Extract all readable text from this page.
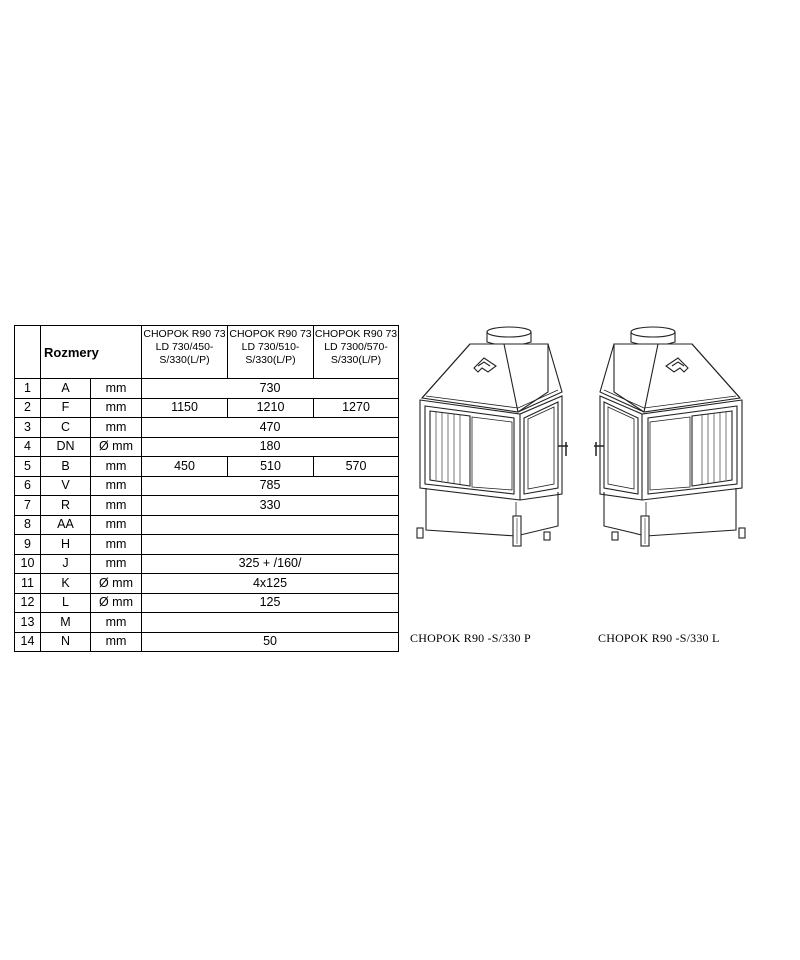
	Rozmery		CHOPOK R90 73 LD 730/450-S/330(L/P)	CHOPOK R90 73 LD 730/510-S/330(L/P)	CHOPOK R90 73 LD 7300/570-S/330(L/P)
1	A	mm	730		
2	F	mm	1150	1210	1270
3	C	mm	470		
4	DN	Ø mm	180		
5	B	mm	450	510	570
6	V	mm	785		
7	R	mm	330		
8	AA	mm			
9	H	mm			
10	J	mm	325 + /160/		
11	K	Ø mm	4x125		
12	L	Ø mm	125		
13	M	mm			
14	N	mm	50			CHOPOK R90 -S/330 P	CHOPOK R90 -S/330 L
